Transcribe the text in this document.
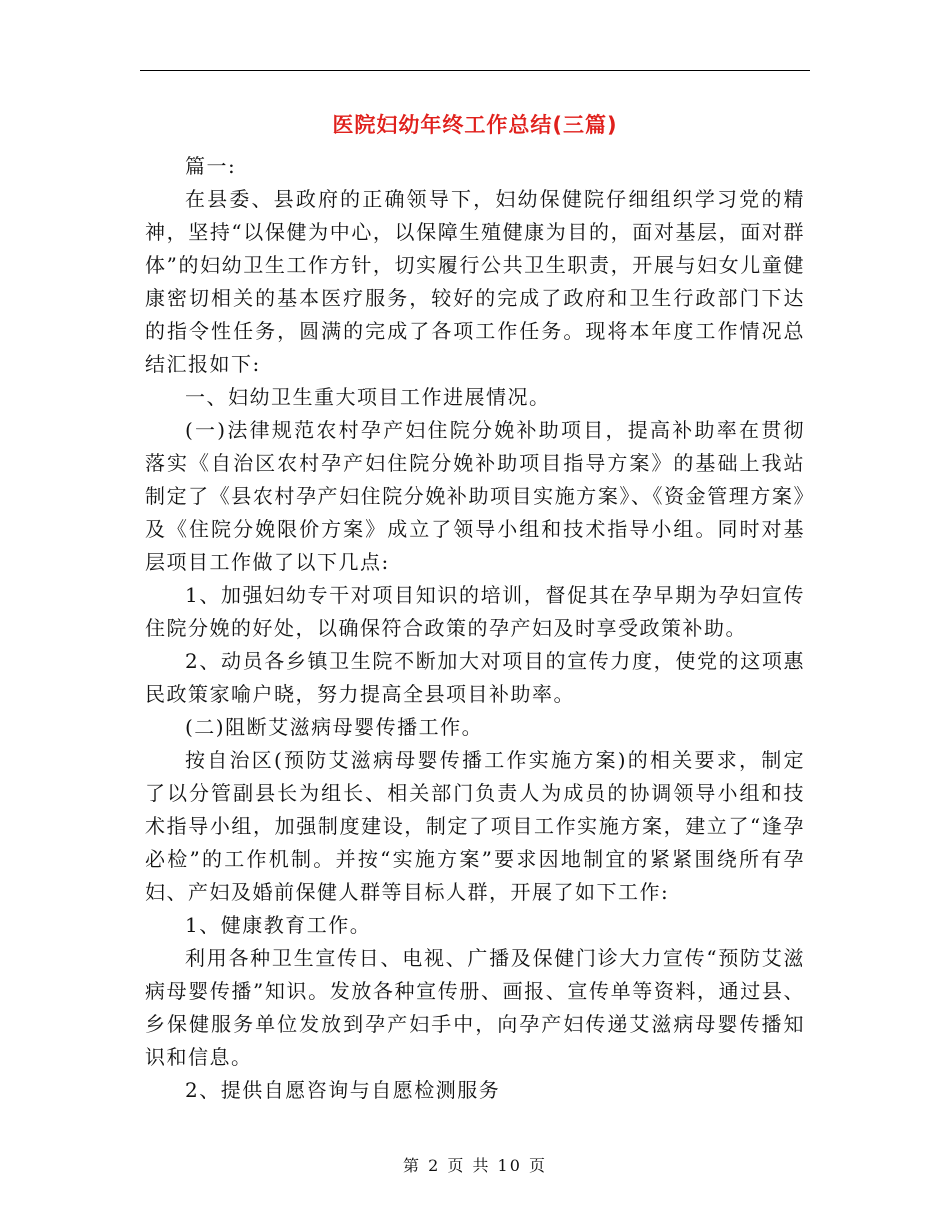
医院妇幼年终工作总结(三篇)

篇一:

在县委、县政府的正确领导下，妇幼保健院仔细组织学习党的精神，坚持“以保健为中心，以保障生殖健康为目的，面对基层，面对群体”的妇幼卫生工作方针，切实履行公共卫生职责，开展与妇女儿童健康密切相关的基本医疗服务，较好的完成了政府和卫生行政部门下达的指令性任务，圆满的完成了各项工作任务。现将本年度工作情况总结汇报如下:

一、妇幼卫生重大项目工作进展情况。

(一)法律规范农村孕产妇住院分娩补助项目，提高补助率在贯彻落实《自治区农村孕产妇住院分娩补助项目指导方案》的基础上我站制定了《县农村孕产妇住院分娩补助项目实施方案》、《资金管理方案》及《住院分娩限价方案》成立了领导小组和技术指导小组。同时对基层项目工作做了以下几点:

1、加强妇幼专干对项目知识的培训，督促其在孕早期为孕妇宣传住院分娩的好处，以确保符合政策的孕产妇及时享受政策补助。

2、动员各乡镇卫生院不断加大对项目的宣传力度，使党的这项惠民政策家喻户晓，努力提高全县项目补助率。

(二)阻断艾滋病母婴传播工作。

按自治区(预防艾滋病母婴传播工作实施方案)的相关要求，制定了以分管副县长为组长、相关部门负责人为成员的协调领导小组和技术指导小组，加强制度建设，制定了项目工作实施方案，建立了“逢孕必检”的工作机制。并按“实施方案”要求因地制宜的紧紧围绕所有孕妇、产妇及婚前保健人群等目标人群，开展了如下工作:

1、健康教育工作。

利用各种卫生宣传日、电视、广播及保健门诊大力宣传“预防艾滋病母婴传播”知识。发放各种宣传册、画报、宣传单等资料，通过县、乡保健服务单位发放到孕产妇手中，向孕产妇传递艾滋病母婴传播知识和信息。

2、提供自愿咨询与自愿检测服务

第 2 页 共 10 页
